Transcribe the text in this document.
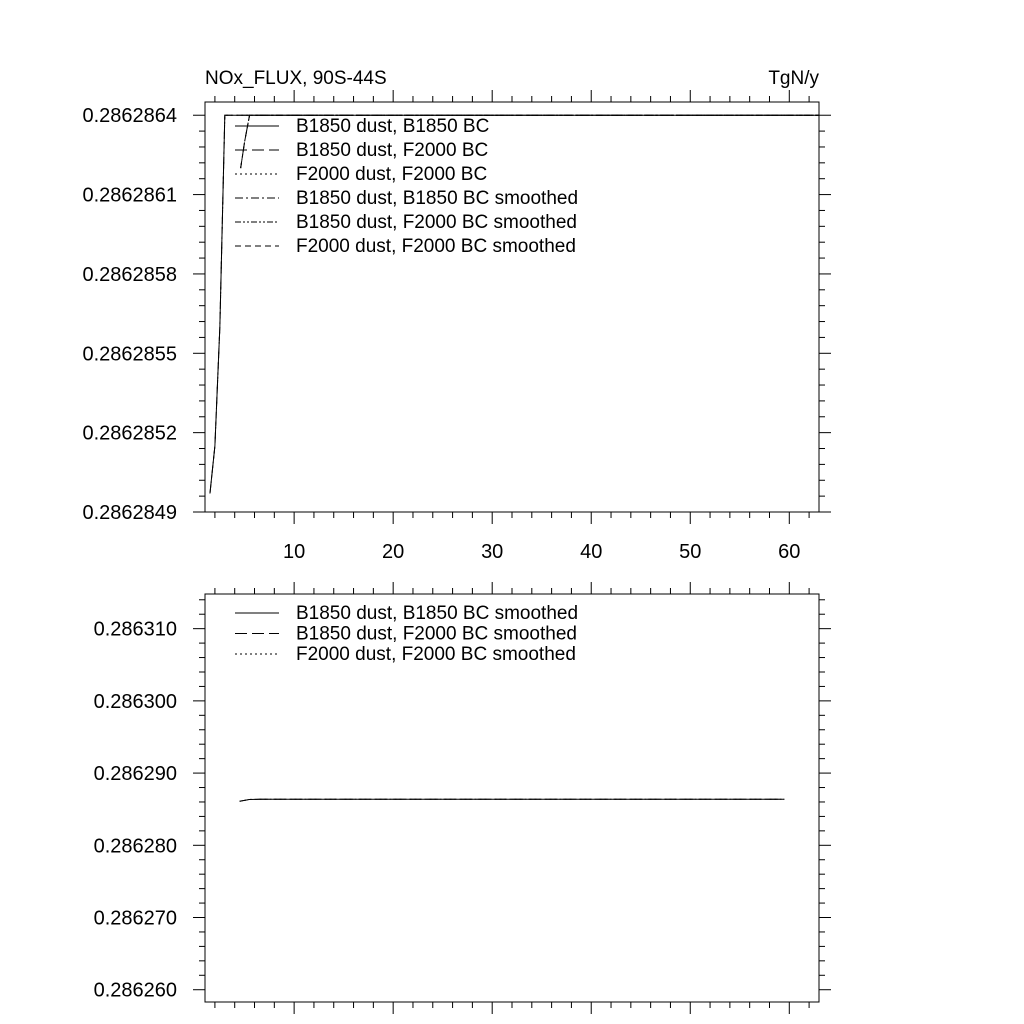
10	20	30	40	50	60
0.2862849
0.2862852
0.2862855
0.2862858
0.2862861
0.2862864
NOx_FLUX, 90S-44S	TgN/y
B1850 dust, B1850 BC
B1850 dust, F2000 BC
F2000 dust, F2000 BC
B1850 dust, B1850 BC smoothed
B1850 dust, F2000 BC smoothed
F2000 dust, F2000 BC smoothed
0.286260
0.286270
0.286280
0.286290
0.286300
0.286310
B1850 dust, B1850 BC smoothed
B1850 dust, F2000 BC smoothed
F2000 dust, F2000 BC smoothed
